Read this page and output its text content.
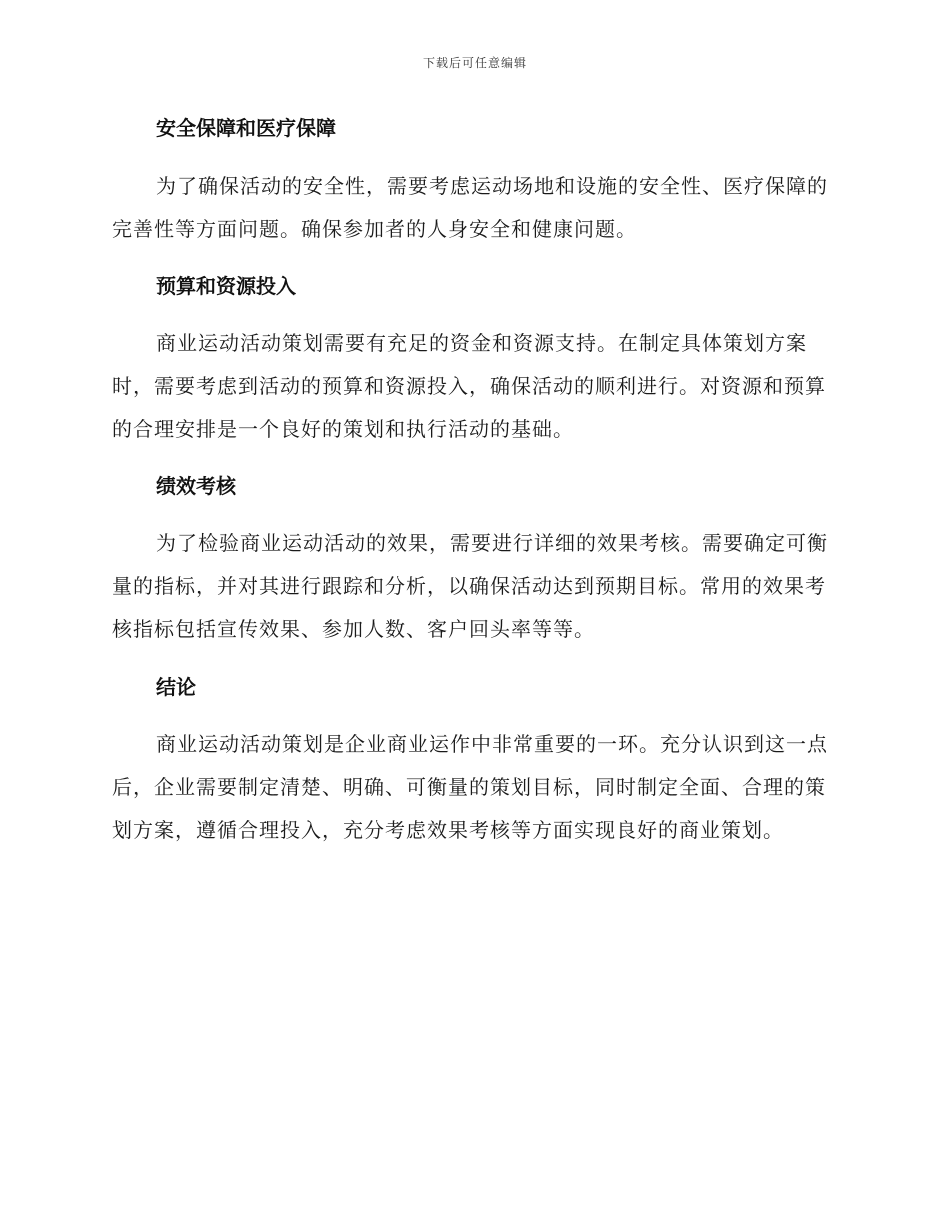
下载后可任意编辑
安全保障和医疗保障

为了确保活动的安全性，需要考虑运动场地和设施的安全性、医疗保障的完善性等方面问题。确保参加者的人身安全和健康问题。

预算和资源投入

商业运动活动策划需要有充足的资金和资源支持。在制定具体策划方案时，需要考虑到活动的预算和资源投入，确保活动的顺利进行。对资源和预算的合理安排是一个良好的策划和执行活动的基础。

绩效考核

为了检验商业运动活动的效果，需要进行详细的效果考核。需要确定可衡量的指标，并对其进行跟踪和分析，以确保活动达到预期目标。常用的效果考核指标包括宣传效果、参加人数、客户回头率等等。

结论

商业运动活动策划是企业商业运作中非常重要的一环。充分认识到这一点后，企业需要制定清楚、明确、可衡量的策划目标，同时制定全面、合理的策划方案，遵循合理投入，充分考虑效果考核等方面实现良好的商业策划。
